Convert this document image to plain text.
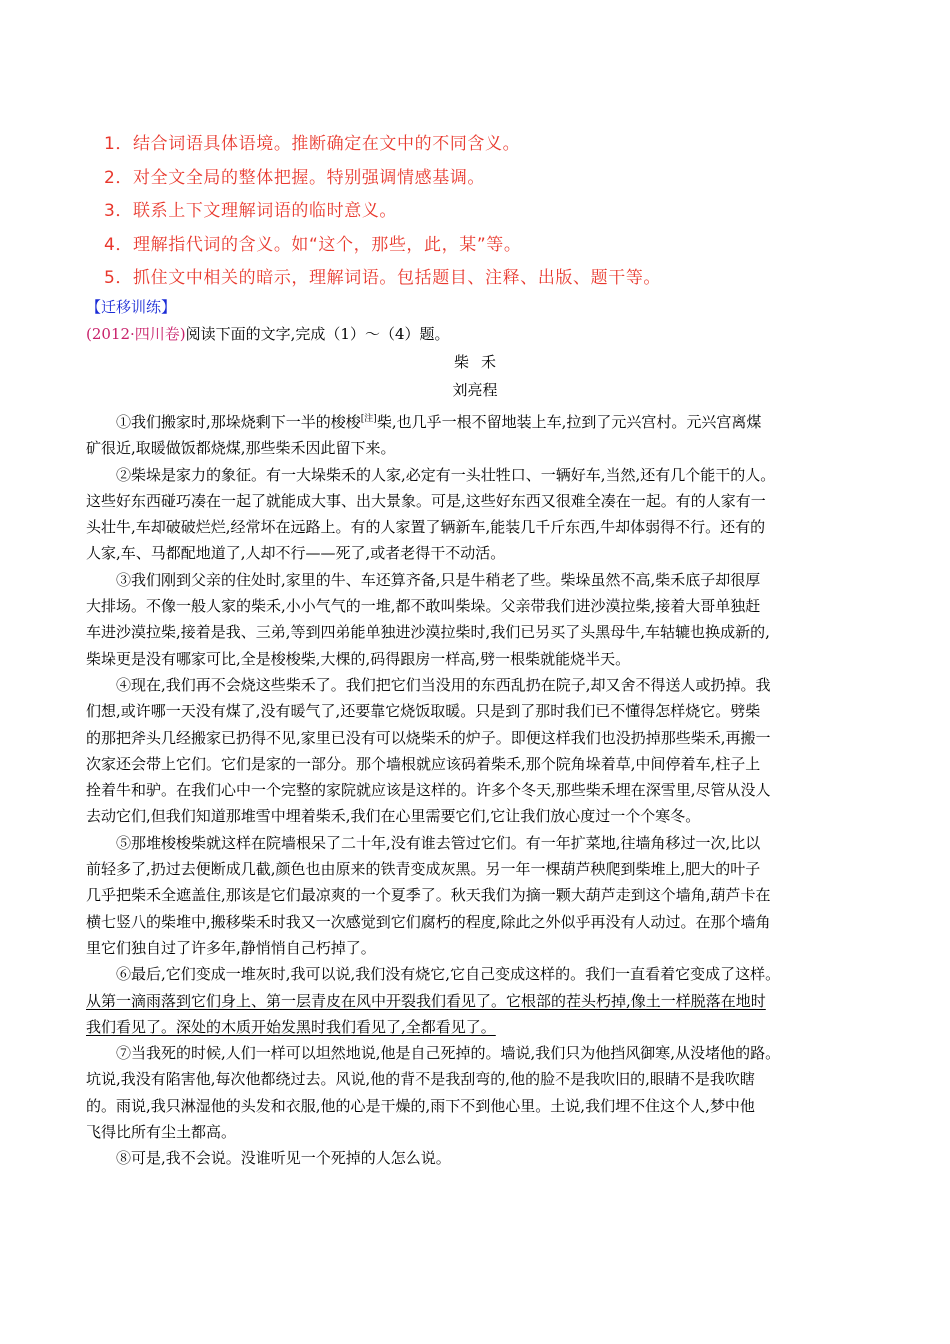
1．结合词语具体语境。推断确定在文中的不同含义。
2．对全文全局的整体把握。特别强调情感基调。
3．联系上下文理解词语的临时意义。
4．理解指代词的含义。如“这个，那些，此，某”等。
5．抓住文中相关的暗示，理解词语。包括题目、注释、出版、题干等。
【迁移训练】
(2012·四川卷)阅读下面的文字,完成（1）～（4）题。
柴禾
刘亮程

①我们搬家时,那垛烧剩下一半的梭梭[注]柴,也几乎一根不留地装上车,拉到了元兴宫村。元兴宫离煤
矿很近,取暖做饭都烧煤,那些柴禾因此留下来。

②柴垛是家力的象征。有一大垛柴禾的人家,必定有一头壮牲口、一辆好车,当然,还有几个能干的人。
这些好东西碰巧凑在一起了就能成大事、出大景象。可是,这些好东西又很难全凑在一起。有的人家有一
头壮牛,车却破破烂烂,经常坏在远路上。有的人家置了辆新车,能装几千斤东西,牛却体弱得不行。还有的
人家,车、马都配地道了,人却不行——死了,或者老得干不动活。

③我们刚到父亲的住处时,家里的牛、车还算齐备,只是牛稍老了些。柴垛虽然不高,柴禾底子却很厚
大排场。不像一般人家的柴禾,小小气气的一堆,都不敢叫柴垛。父亲带我们进沙漠拉柴,接着大哥单独赶
车进沙漠拉柴,接着是我、三弟,等到四弟能单独进沙漠拉柴时,我们已另买了头黑母牛,车轱辘也换成新的,
柴垛更是没有哪家可比,全是梭梭柴,大棵的,码得跟房一样高,劈一根柴就能烧半天。

④现在,我们再不会烧这些柴禾了。我们把它们当没用的东西乱扔在院子,却又舍不得送人或扔掉。我
们想,或许哪一天没有煤了,没有暖气了,还要靠它烧饭取暖。只是到了那时我们已不懂得怎样烧它。劈柴
的那把斧头几经搬家已扔得不见,家里已没有可以烧柴禾的炉子。即便这样我们也没扔掉那些柴禾,再搬一
次家还会带上它们。它们是家的一部分。那个墙根就应该码着柴禾,那个院角垛着草,中间停着车,柱子上
拴着牛和驴。在我们心中一个完整的家院就应该是这样的。许多个冬天,那些柴禾埋在深雪里,尽管从没人
去动它们,但我们知道那堆雪中埋着柴禾,我们在心里需要它们,它让我们放心度过一个个寒冬。

⑤那堆梭梭柴就这样在院墙根呆了二十年,没有谁去管过它们。有一年扩菜地,往墙角移过一次,比以
前轻多了,扔过去便断成几截,颜色也由原来的铁青变成灰黑。另一年一棵葫芦秧爬到柴堆上,肥大的叶子
几乎把柴禾全遮盖住,那该是它们最凉爽的一个夏季了。秋天我们为摘一颗大葫芦走到这个墙角,葫芦卡在
横七竖八的柴堆中,搬移柴禾时我又一次感觉到它们腐朽的程度,除此之外似乎再没有人动过。在那个墙角
里它们独自过了许多年,静悄悄自己朽掉了。

⑥最后,它们变成一堆灰时,我可以说,我们没有烧它,它自己变成这样的。我们一直看着它变成了这样。
从第一滴雨落到它们身上、第一层青皮在风中开裂我们看见了。它根部的茬头朽掉,像土一样脱落在地时
我们看见了。深处的木质开始发黑时我们看见了,全都看见了。

⑦当我死的时候,人们一样可以坦然地说,他是自己死掉的。墙说,我们只为他挡风御寒,从没堵他的路。
坑说,我没有陷害他,每次他都绕过去。风说,他的背不是我刮弯的,他的脸不是我吹旧的,眼睛不是我吹瞎
的。雨说,我只淋湿他的头发和衣服,他的心是干燥的,雨下不到他心里。土说,我们埋不住这个人,梦中他
飞得比所有尘土都高。

⑧可是,我不会说。没谁听见一个死掉的人怎么说。
